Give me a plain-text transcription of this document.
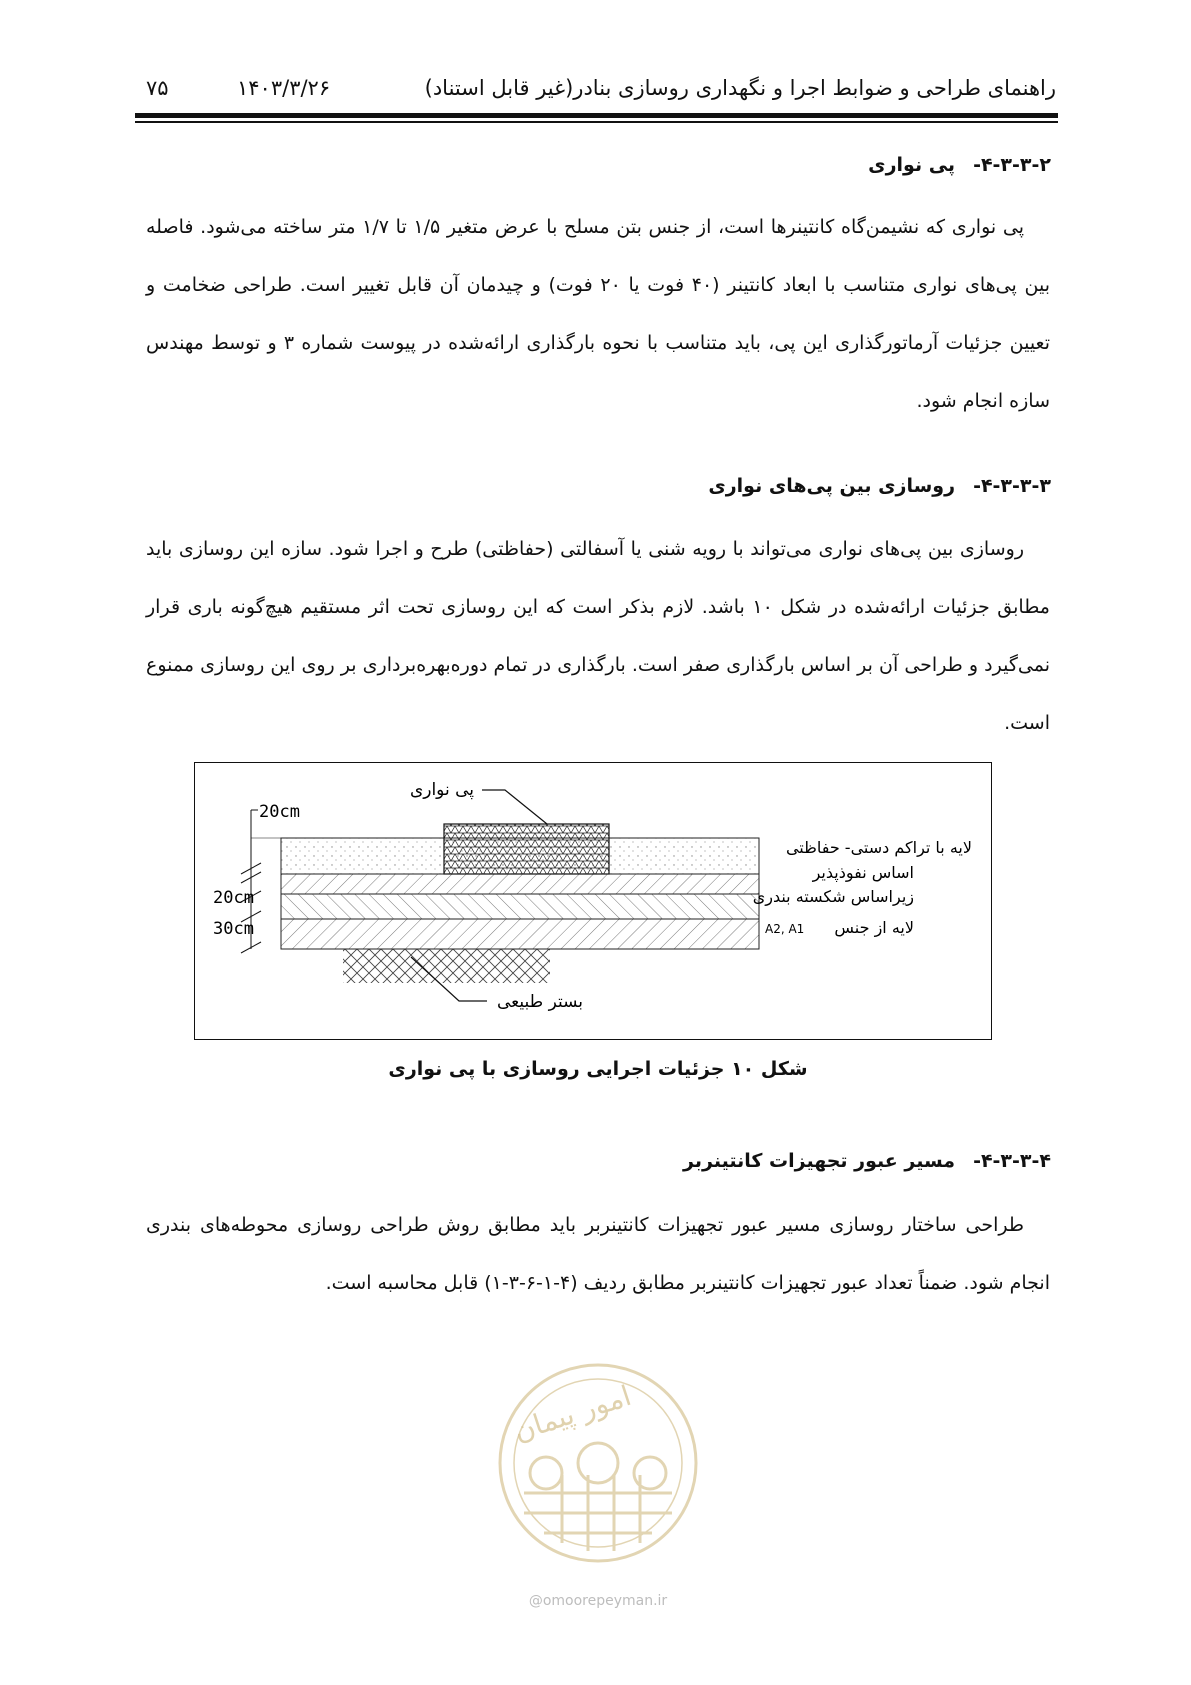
راهنمای طراحی و ضوابط اجرا و نگهداری روسازی بنادر(غیر قابل استناد)
۱۴۰۳/۳/۲۶
۷۵
۴-۳-۳-۲-پی نواری

پی نواری که نشیمن‌گاه کانتینرها است، از جنس بتن مسلح با عرض متغیر ۱/۵ تا ۱/۷ متر ساخته می‌شود. فاصله بین پی‌های نواری متناسب با ابعاد کانتینر (۴۰ فوت یا ۲۰ فوت) و چیدمان آن قابل تغییر است. طراحی ضخامت و تعیین جزئیات آرماتورگذاری این پی، باید متناسب با نحوه بارگذاری ارائه‌شده در پیوست شماره ۳ و توسط مهندس سازه انجام شود.

۴-۳-۳-۳-روسازی بین پی‌های نواری

روسازی بین پی‌های نواری می‌تواند با رویه شنی یا آسفالتی (حفاظتی) طرح و اجرا شود. سازه این روسازی باید مطابق جزئیات ارائه‌شده در شکل ۱۰ باشد. لازم بذکر است که این روسازی تحت اثر مستقیم هیچ‌گونه باری قرار نمی‌گیرد و طراحی آن بر اساس بارگذاری صفر است. بارگذاری در تمام دوره‌بهره‌برداری بر روی این روسازی ممنوع است.

20cm
20cm
30cm
پی نواری
لایه با تراکم دستی- حفاظتی
اساس نفوذپذیر
زیراساس شکسته بندری
لایه از جنس
A2, A1
بستر طبیعی
شکل ۱۰ جزئیات اجرایی روسازی با پی نواری
۴-۳-۳-۴-مسیر عبور تجهیزات کانتینربر

طراحی ساختار روسازی مسیر عبور تجهیزات کانتینربر باید مطابق روش طراحی روسازی محوطه‌های بندری انجام شود. ضمناً تعداد عبور تجهیزات کانتینربر مطابق ردیف (۴-۱-۶-۳-۱) قابل محاسبه است.

امور پیمان
@omoorepeyman.ir
